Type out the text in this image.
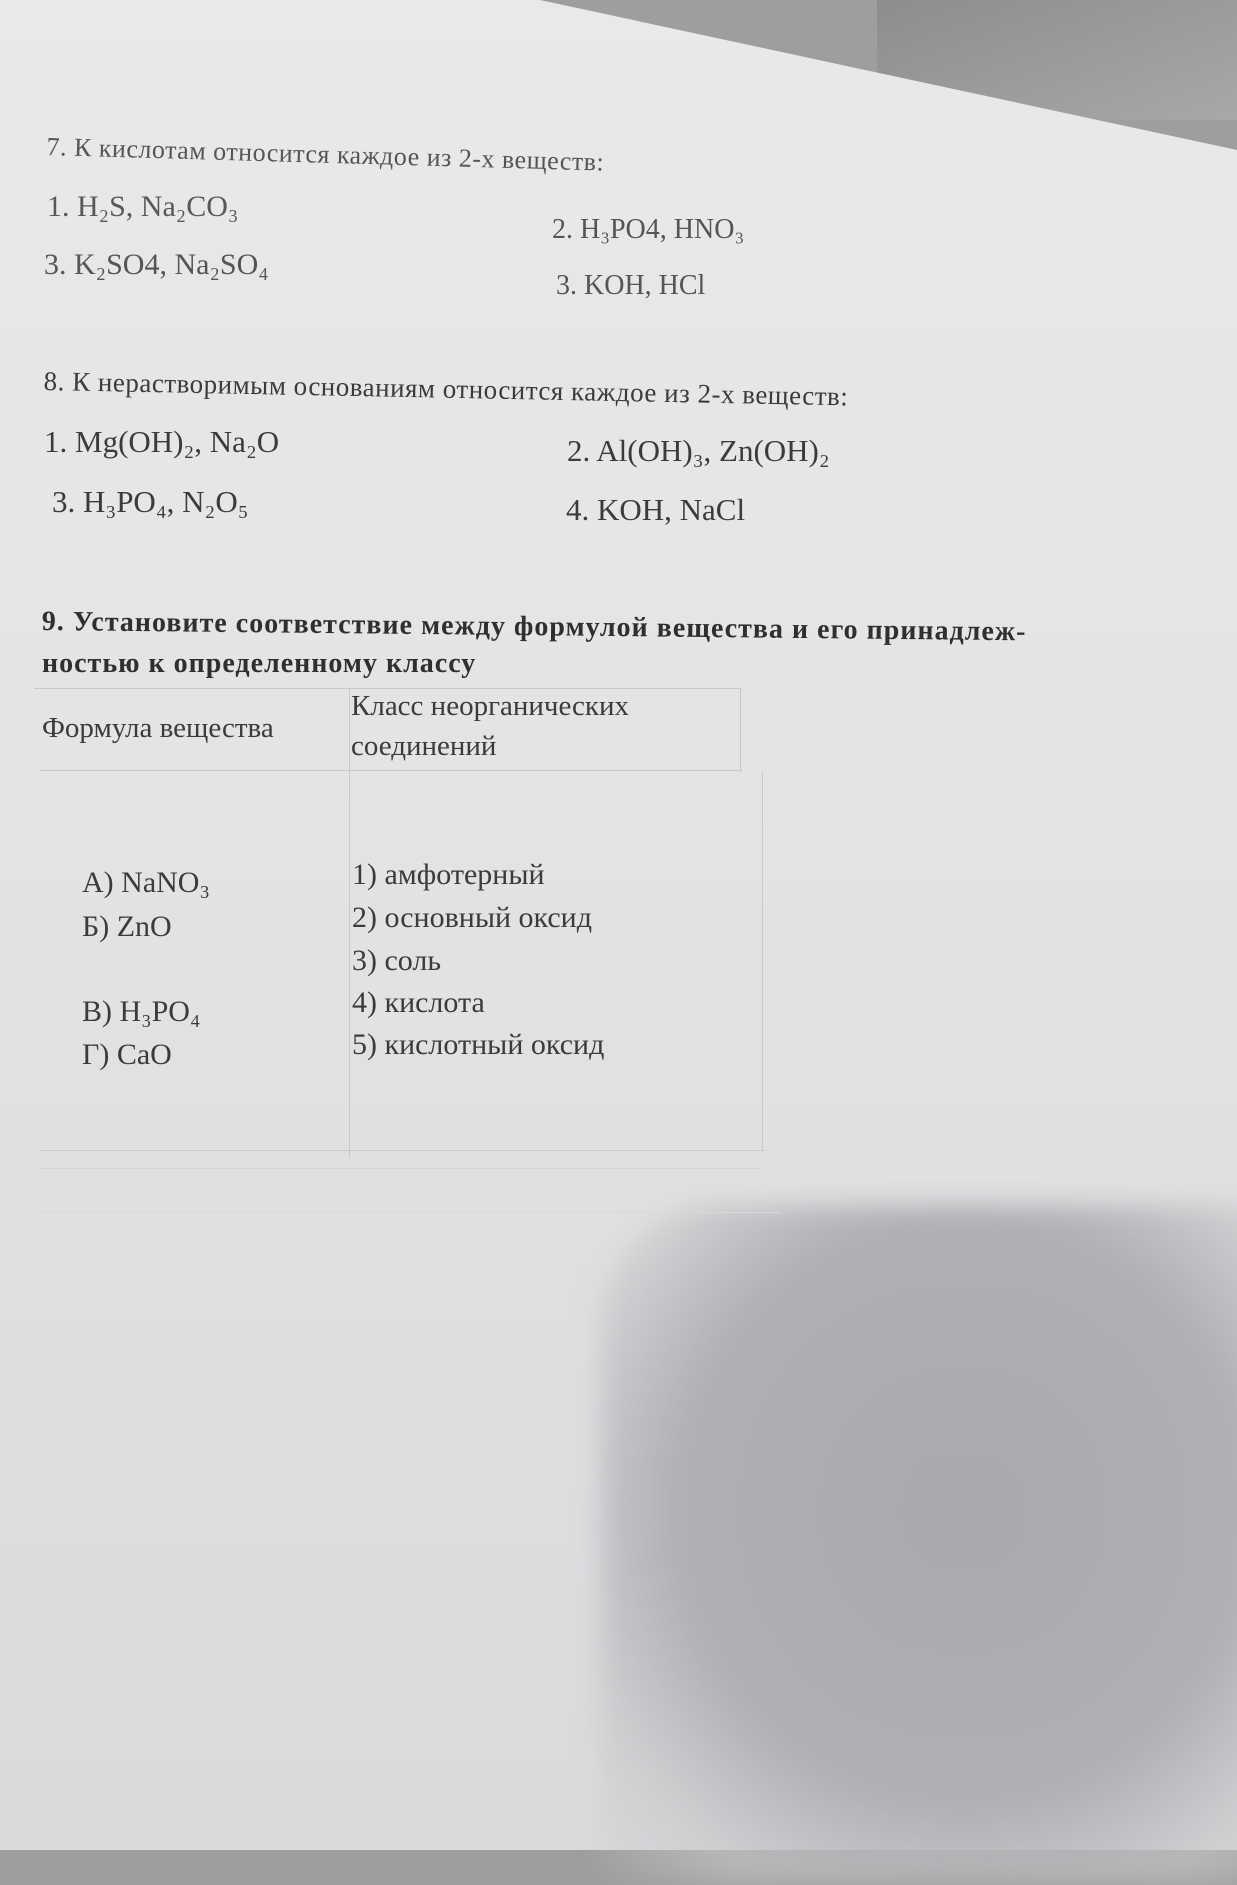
7. К кислотам относится каждое из 2-х веществ:
1. H₂S, Na₂CO₃
2. H₃PO4, HNO₃
3. K₂SO4, Na₂SO₄
3. KOH, HCl
8. К нерастворимым основаниям относится каждое из 2-х веществ:
1. Mg(OH)₂, Na₂O	2. Al(OH)₃, Zn(OH)₂
3. H₃PO₄, N₂O₅	4. KOH, NaCl
9. Установите соответствие между формулой вещества и его принадлеж-
ностью к определенному классу
Формула вещества
Класс неорганических
соединений
А) NaNO₃
Б) ZnO
В) H₃PO₄
Г) CaO
1) амфотерный
2) основный оксид
3) соль
4) кислота
5) кислотный оксид
